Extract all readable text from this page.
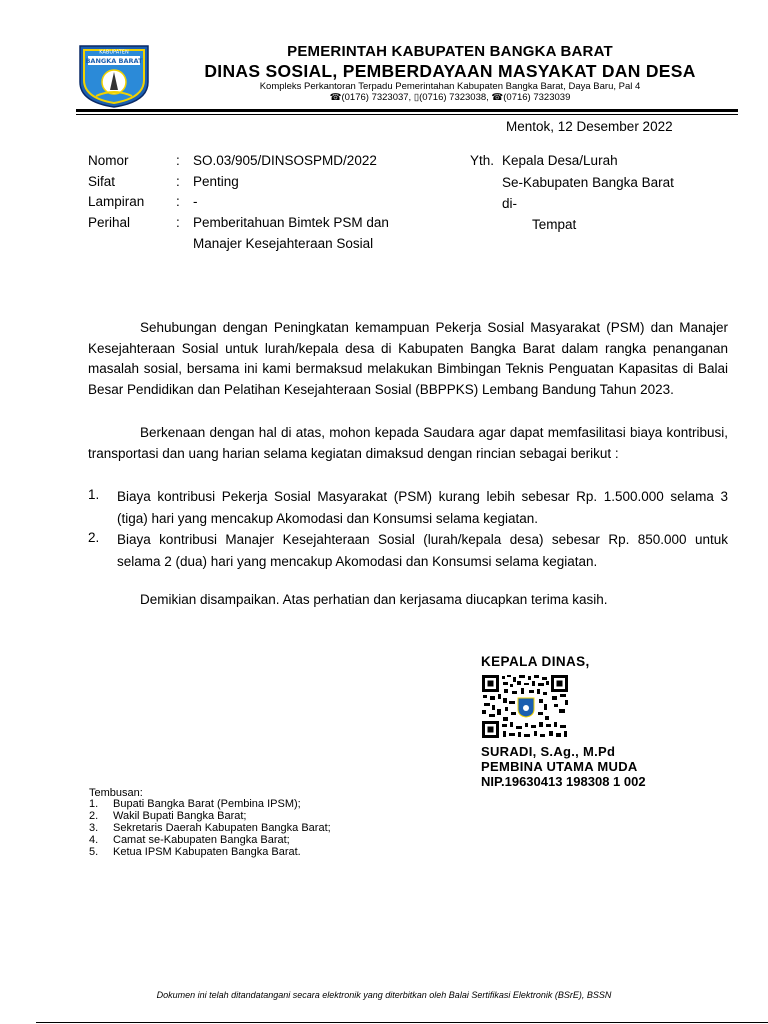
KABUPATEN
BANGKA BARAT
PEMERINTAH KABUPATEN BANGKA BARAT
DINAS SOSIAL, PEMBERDAYAAN MASYAKAT DAN DESA
Kompleks Perkantoran Terpadu Pemerintahan Kabupaten Bangka Barat, Daya Baru, Pal 4
☎(0176) 7323037, ▯(0716) 7323038, ☎(0716) 7323039
Mentok, 12 Desember 2022
Nomor	: SO.03/905/DINSOSPMD/2022
Sifat	: Penting
Lampiran : -
Perihal	: Pemberitahuan Bimtek PSM dan
Manajer Kesejahteraan Sosial
Yth. Kepala Desa/Lurah
Se-Kabupaten Bangka Barat
di-
Tempat
Sehubungan dengan Peningkatan kemampuan Pekerja Sosial Masyarakat (PSM) dan Manajer Kesejahteraan Sosial untuk lurah/kepala desa di Kabupaten Bangka Barat dalam rangka penanganan masalah sosial, bersama ini kami bermaksud melakukan Bimbingan Teknis Penguatan Kapasitas di Balai Besar Pendidikan dan Pelatihan Kesejahteraan Sosial (BBPPKS) Lembang Bandung Tahun 2023.
Berkenaan dengan hal di atas, mohon kepada Saudara agar dapat memfasilitasi biaya kontribusi, transportasi dan uang harian selama kegiatan dimaksud dengan rincian sebagai berikut :
1. Biaya kontribusi Pekerja Sosial Masyarakat (PSM) kurang lebih sebesar Rp. 1.500.000 selama 3 (tiga) hari yang mencakup Akomodasi dan Konsumsi selama kegiatan.
2. Biaya kontribusi Manajer Kesejahteraan Sosial (lurah/kepala desa) sebesar Rp. 850.000 untuk selama 2 (dua) hari yang mencakup Akomodasi dan Konsumsi selama kegiatan.
Demikian disampaikan. Atas perhatian dan kerjasama diucapkan terima kasih.
KEPALA DINAS,
SURADI, S.Ag., M.Pd
PEMBINA UTAMA MUDA
NIP.19630413 198308 1 002
Tembusan:
1. Bupati Bangka Barat (Pembina IPSM);
2. Wakil Bupati Bangka Barat;
3. Sekretaris Daerah Kabupaten Bangka Barat;
4. Camat se-Kabupaten Bangka Barat;
5. Ketua IPSM Kabupaten Bangka Barat.
Dokumen ini telah ditandatangani secara elektronik yang diterbitkan oleh Balai Sertifikasi Elektronik (BSrE), BSSN
